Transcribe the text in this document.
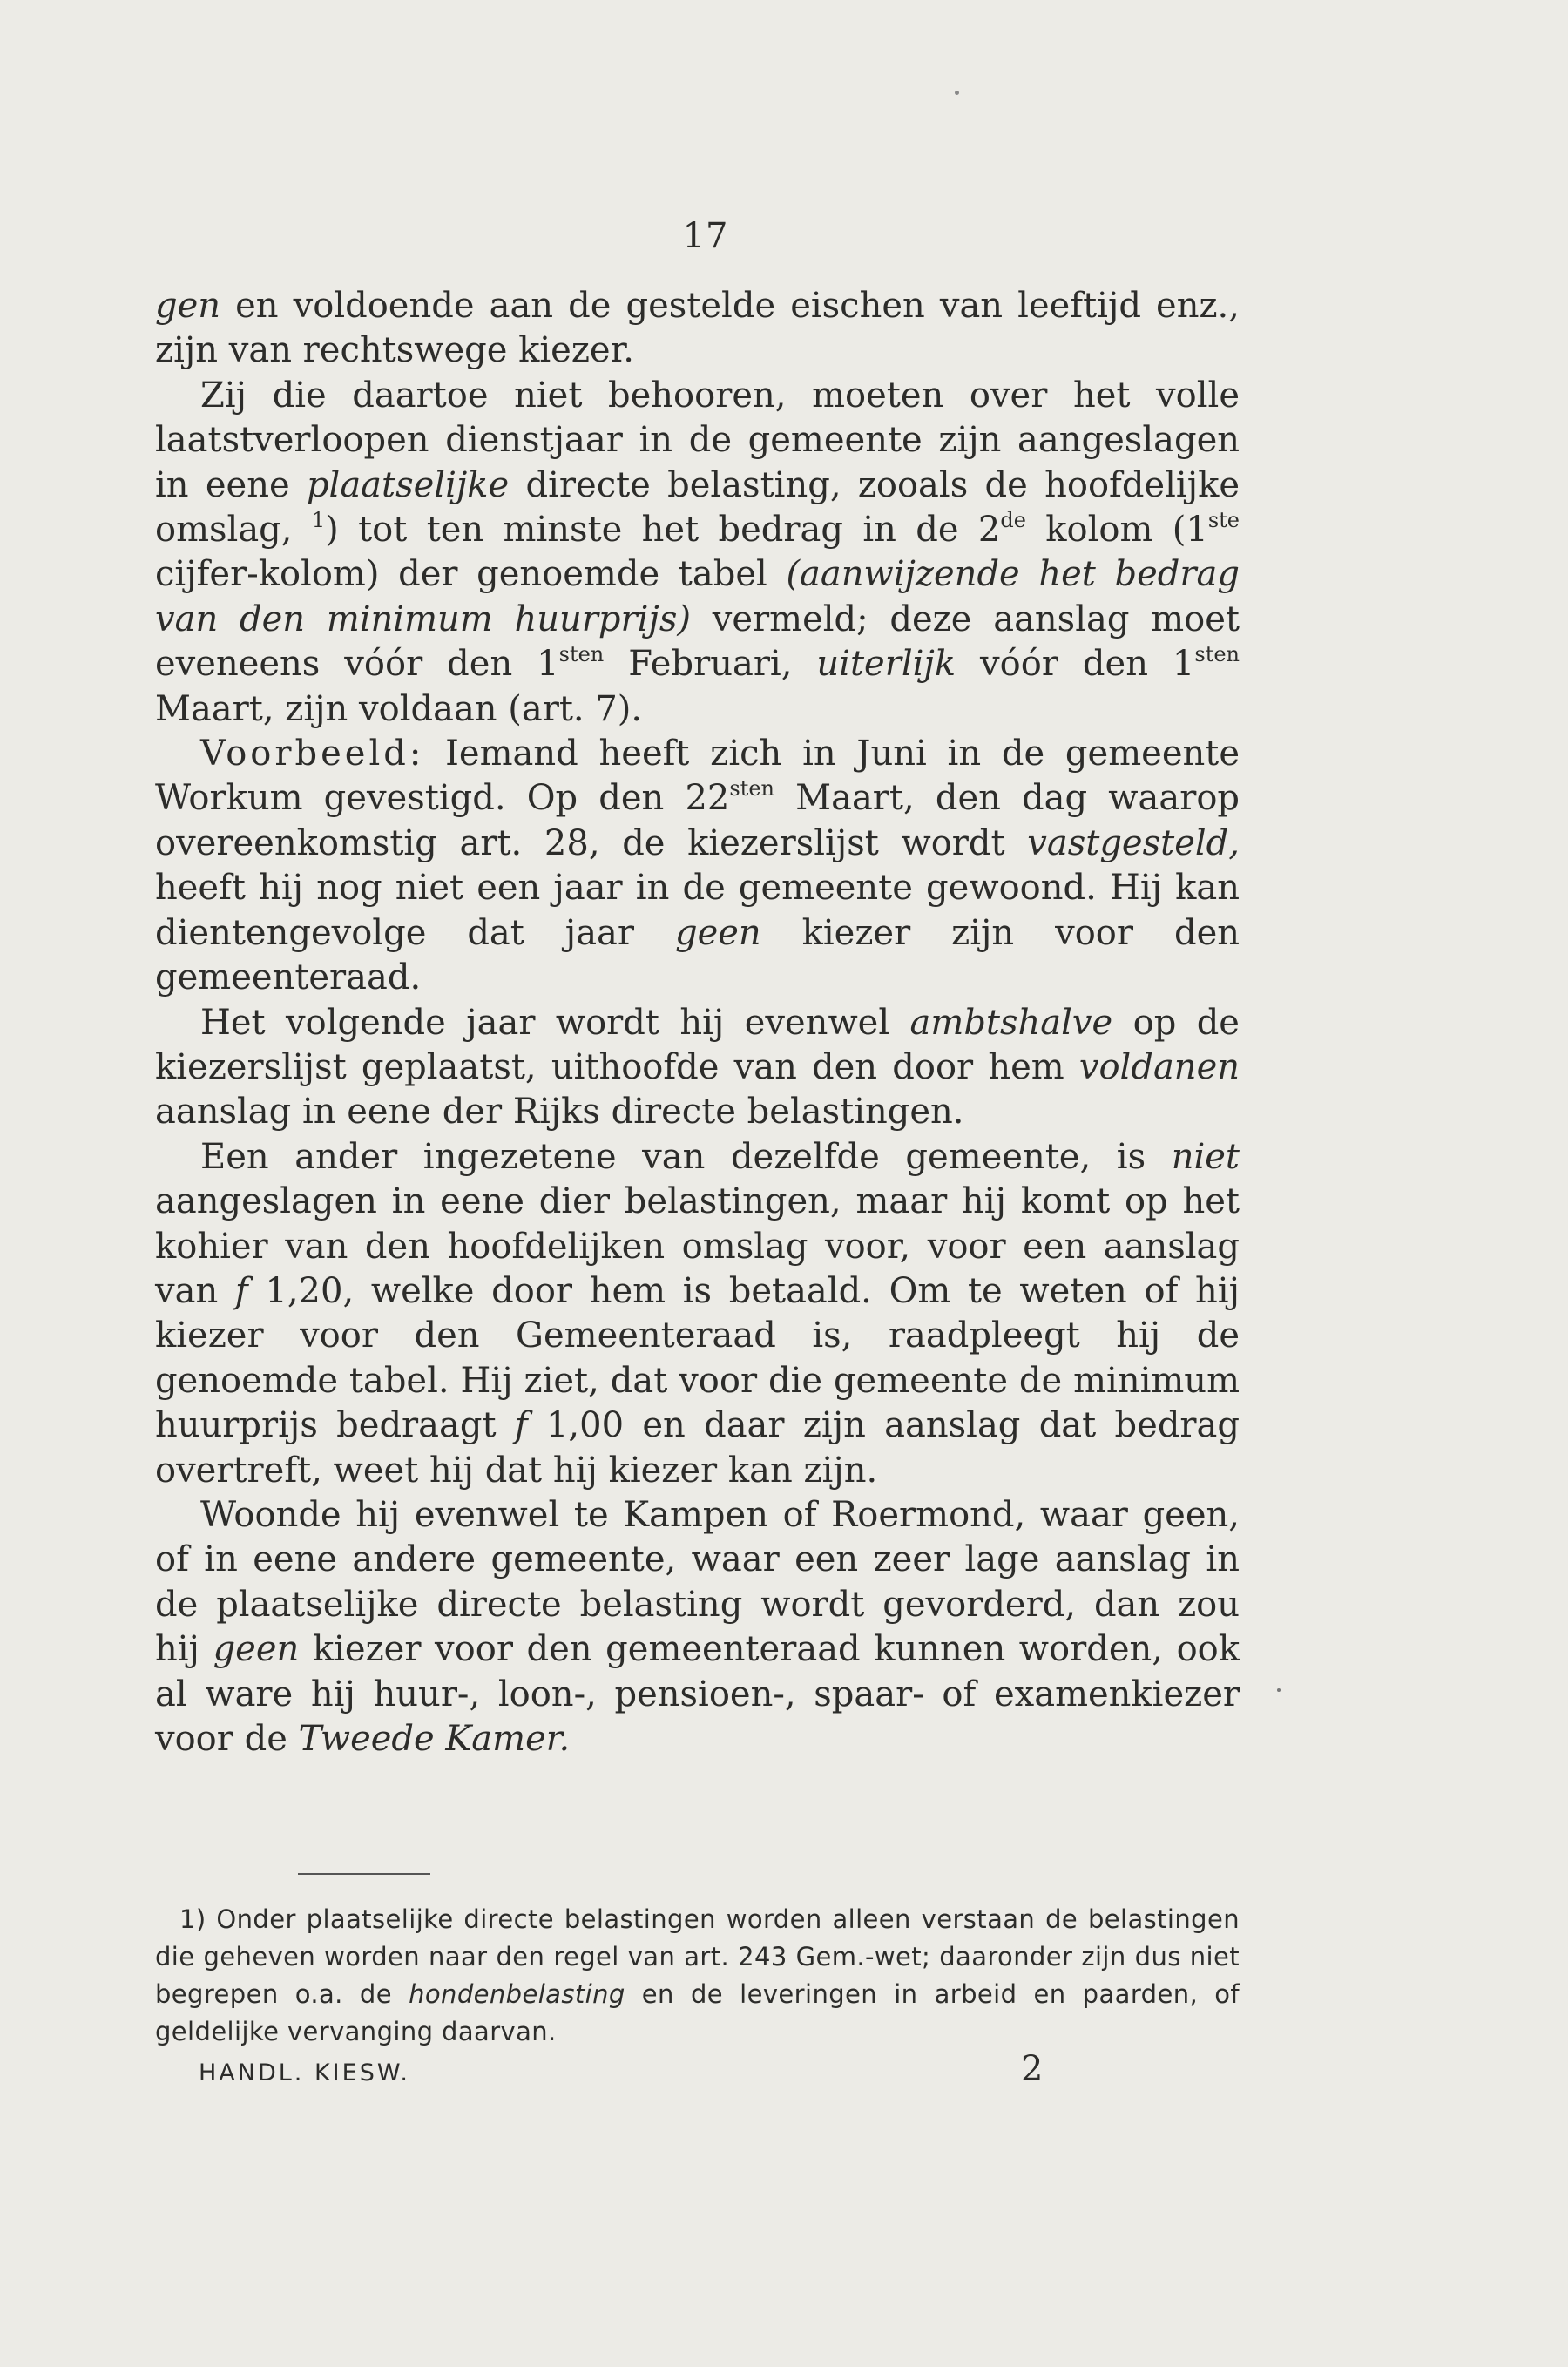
17

gen en voldoende aan de gestelde eischen van leeftijd enz., zijn van rechtswege kiezer.

Zij die daartoe niet behooren, moeten over het volle laatstverloopen dienstjaar in de gemeente zijn aangeslagen in eene plaatselijke directe belasting, zooals de hoofdelijke omslag, $^1$) tot ten minste het bedrag in de 2de kolom (1ste cijfer-kolom) der genoemde tabel (aanwijzende het bedrag van den minimum huurprijs) vermeld; deze aanslag moet eveneens vóór den $1^{sten}$ Februari, uiterlijk vóór den $1^{sten}$ Maart, zijn voldaan (art. 7).

Voorbeeld: Iemand heeft zich in Juni in de gemeente Workum gevestigd. Op den $22^{sten}$ Maart, den dag waarop overeenkomstig art. 28, de kiezerslijst wordt vastgesteld, heeft hij nog niet een jaar in de gemeente gewoond. Hij kan dientengevolge dat jaar geen kiezer zijn voor den gemeenteraad.

Het volgende jaar wordt hij evenwel ambtshalve op de kiezerslijst geplaatst, uithoofde van den door hem voldanen aanslag in eene der Rijks directe belastingen.

Een ander ingezetene van dezelfde gemeente, is niet aangeslagen in eene dier belastingen, maar hij komt op het kohier van den hoofdelijken omslag voor, voor een aanslag van f 1,20, welke door hem is betaald. Om te weten of hij kiezer voor den Gemeenteraad is, raadpleegt hij de genoemde tabel. Hij ziet, dat voor die gemeente de minimum huurprijs bedraagt f 1,00 en daar zijn aanslag dat bedrag overtreft, weet hij dat hij kiezer kan zijn.

Woonde hij evenwel te Kampen of Roermond, waar geen, of in eene andere gemeente, waar een zeer lage aanslag in de plaatselijke directe belasting wordt gevorderd, dan zou hij geen kiezer voor den gemeenteraad kunnen worden, ook al ware hij huur-, loon-, pensioen-, spaar- of examenkiezer voor de Tweede Kamer.

1) Onder plaatselijke directe belastingen worden alleen verstaan de belastingen die geheven worden naar den regel van art. 243 Gem.-wet; daaronder zijn dus niet begrepen o.a. de hondenbelasting en de leveringen in arbeid en paarden, of geldelijke vervanging daarvan.

HANDL. KIESW.	2
